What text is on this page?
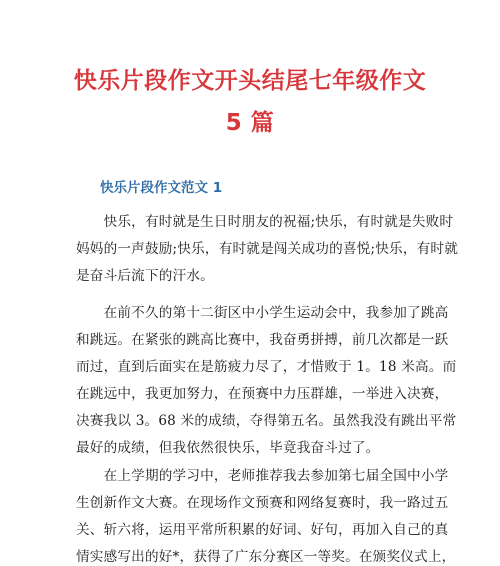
快乐片段作文开头结尾七年级作文
5 篇
快乐片段作文范文 1
　　快乐，有时就是生日时朋友的祝福;快乐，有时就是失败时
妈妈的一声鼓励;快乐，有时就是闯关成功的喜悦;快乐，有时就
是奋斗后流下的汗水。
　　在前不久的第十二街区中小学生运动会中，我参加了跳高
和跳远。在紧张的跳高比赛中，我奋勇拼搏，前几次都是一跃
而过，直到后面实在是筋疲力尽了，才惜败于 1。18 米高。而
在跳远中，我更加努力，在预赛中力压群雄，一举进入决赛，
决赛我以 3。68 米的成绩，夺得第五名。虽然我没有跳出平常
最好的成绩，但我依然很快乐，毕竟我奋斗过了。
　　在上学期的学习中，老师推荐我去参加第七届全国中小学
生创新作文大赛。在现场作文预赛和网络复赛时，我一路过五
关、斩六将，运用平常所积累的好词、好句，再加入自己的真
情实感写出的好*，获得了广东分赛区一等奖。在颁奖仪式上，
